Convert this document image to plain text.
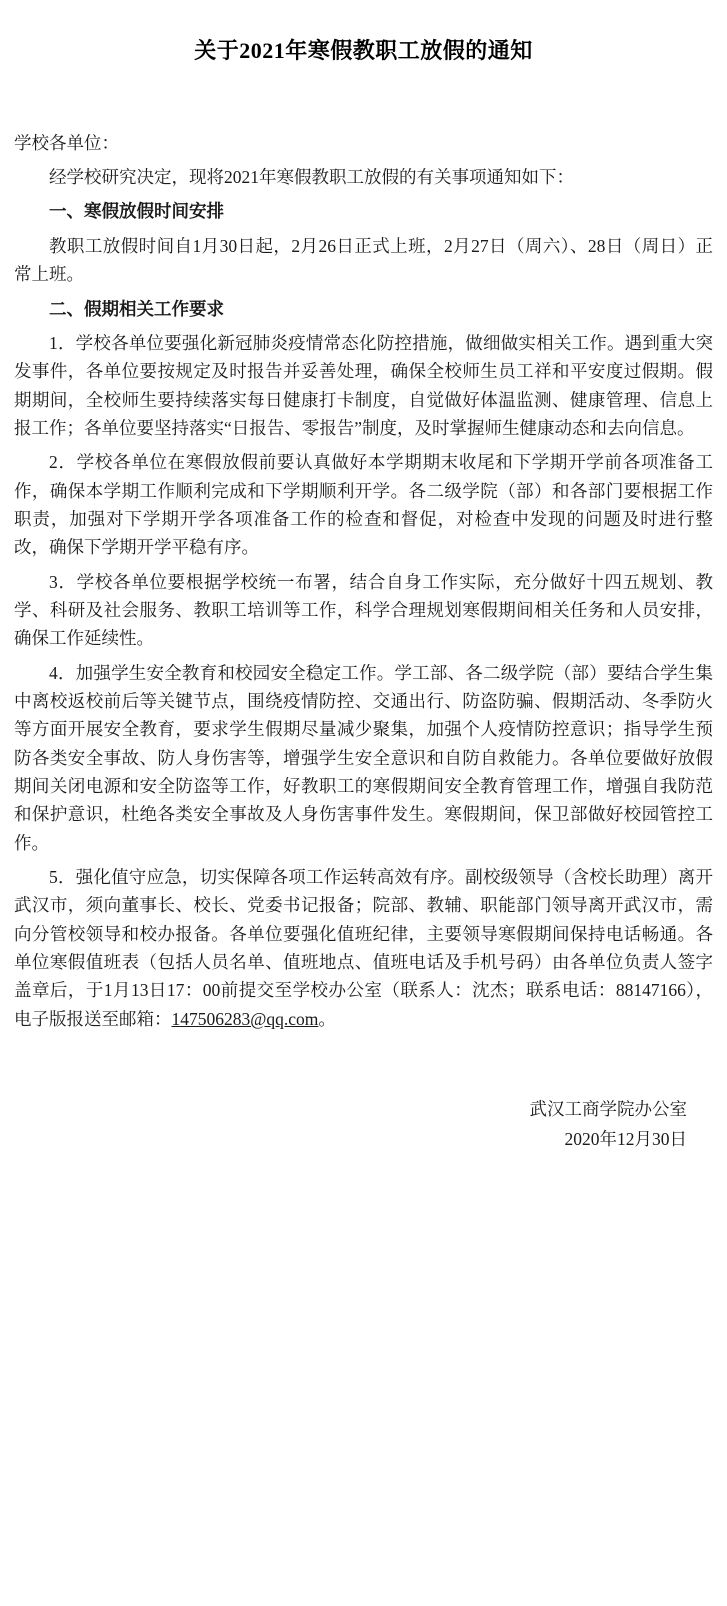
关于2021年寒假教职工放假的通知

学校各单位：

经学校研究决定，现将2021年寒假教职工放假的有关事项通知如下：

一、寒假放假时间安排

教职工放假时间自1月30日起，2月26日正式上班，2月27日（周六）、28日（周日）正常上班。

二、假期相关工作要求

1．学校各单位要强化新冠肺炎疫情常态化防控措施，做细做实相关工作。遇到重大突发事件，各单位要按规定及时报告并妥善处理，确保全校师生员工祥和平安度过假期。假期期间，全校师生要持续落实每日健康打卡制度，自觉做好体温监测、健康管理、信息上报工作；各单位要坚持落实“日报告、零报告”制度，及时掌握师生健康动态和去向信息。

2．学校各单位在寒假放假前要认真做好本学期期末收尾和下学期开学前各项准备工作，确保本学期工作顺利完成和下学期顺利开学。各二级学院（部）和各部门要根据工作职责，加强对下学期开学各项准备工作的检查和督促，对检查中发现的问题及时进行整改，确保下学期开学平稳有序。

3．学校各单位要根据学校统一布署，结合自身工作实际，充分做好十四五规划、教学、科研及社会服务、教职工培训等工作，科学合理规划寒假期间相关任务和人员安排，确保工作延续性。

4．加强学生安全教育和校园安全稳定工作。学工部、各二级学院（部）要结合学生集中离校返校前后等关键节点，围绕疫情防控、交通出行、防盗防骗、假期活动、冬季防火等方面开展安全教育，要求学生假期尽量减少聚集，加强个人疫情防控意识；指导学生预防各类安全事故、防人身伤害等，增强学生安全意识和自防自救能力。各单位要做好放假期间关闭电源和安全防盗等工作，好教职工的寒假期间安全教育管理工作，增强自我防范和保护意识，杜绝各类安全事故及人身伤害事件发生。寒假期间，保卫部做好校园管控工作。

5．强化值守应急，切实保障各项工作运转高效有序。副校级领导（含校长助理）离开武汉市，须向董事长、校长、党委书记报备；院部、教辅、职能部门领导离开武汉市，需向分管校领导和校办报备。各单位要强化值班纪律，主要领导寒假期间保持电话畅通。各单位寒假值班表（包括人员名单、值班地点、值班电话及手机号码）由各单位负责人签字盖章后，于1月13日17：00前提交至学校办公室（联系人：沈杰；联系电话：88147166），电子版报送至邮箱：147506283@qq.com。

武汉工商学院办公室
2020年12月30日
